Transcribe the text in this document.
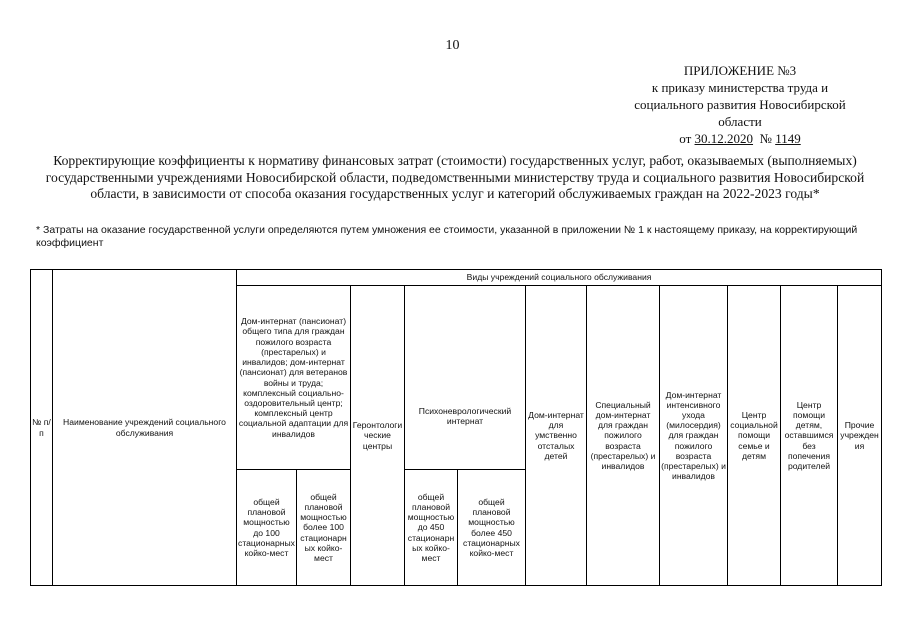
10
ПРИЛОЖЕНИЕ №3
к приказу министерства труда и
социального развития Новосибирской
области
от 30.12.2020 № 1149
Корректирующие коэффициенты к нормативу финансовых затрат (стоимости) государственных услуг, работ, оказываемых (выполняемых) государственными учреждениями Новосибирской области, подведомственными министерству труда и социального развития Новосибирской области, в зависимости от способа оказания государственных услуг и категорий обслуживаемых граждан на 2022-2023 годы*
* Затраты на оказание государственной услуги определяются путем умножения ее стоимости, указанной в приложении № 1 к настоящему приказу, на корректирующий коэффициент
№ п/п	Наименование учреждений социального обслуживания	Виды учреждений социального обслуживания										
		Дом-интернат (пансионат) общего типа для граждан пожилого возраста (престарелых) и инвалидов; дом-интернат (пансионат) для ветеранов войны и труда; комплексный социально-оздоровительный центр; комплексный центр социальной адаптации для инвалидов		Геронтологические центры	Психоневрологический интернат		Дом-интернат для умственно отсталых детей	Специальный дом-интернат для граждан пожилого возраста (престарелых) и инвалидов	Дом-интернат интенсивного ухода (милосердия) для граждан пожилого возраста (престарелых) и инвалидов	Центр социальной помощи семье и детям	Центр помощи детям, оставшимся без попечения родителей	Прочие учреждения
		общей плановой мощностью до 100 стационарных койко-мест	общей плановой мощностью более 100 стационарных койко-мест		общей плановой мощностью до 450 стационарных койко-мест	общей плановой мощностью более 450 стационарных койко-мест						
